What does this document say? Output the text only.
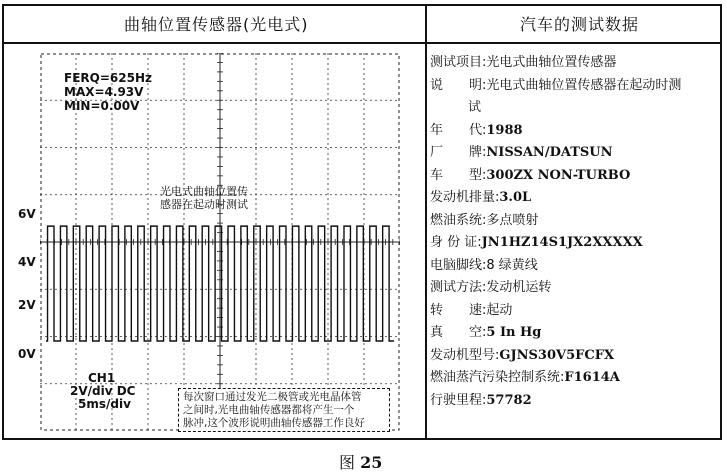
曲轴位置传感器(光电式)	汽车的测试数据
FERQ=625Hz
MAX=4.93V
MIN=0.00V
光电式曲轴位置传
感器在起动时测试
6V
4V
2V
0V
CH1
2V/div DC
5ms/div	每次窗口通过发光二极管或光电晶体管
之间时,光电曲轴传感器都将产生一个
脉冲,这个波形说明曲轴传感器工作良好
测试项目:光电式曲轴位置传感器
说　　明:光电式曲轴位置传感器在起动时测
试
年　　代:1988
厂　　牌:NISSAN/DATSUN
车　　型:300ZX NON-TURBO
发动机排量:3.0L
燃油系统:多点喷射
身 份 证:JN1HZ14S1JX2XXXXX
电脑脚线:8 绿黄线
测试方法:发动机运转
转　　速:起动
真　　空:5 In Hg
发动机型号:GJNS30V5FCFX
燃油蒸汽污染控制系统:F1614A
行驶里程:57782
图 25
